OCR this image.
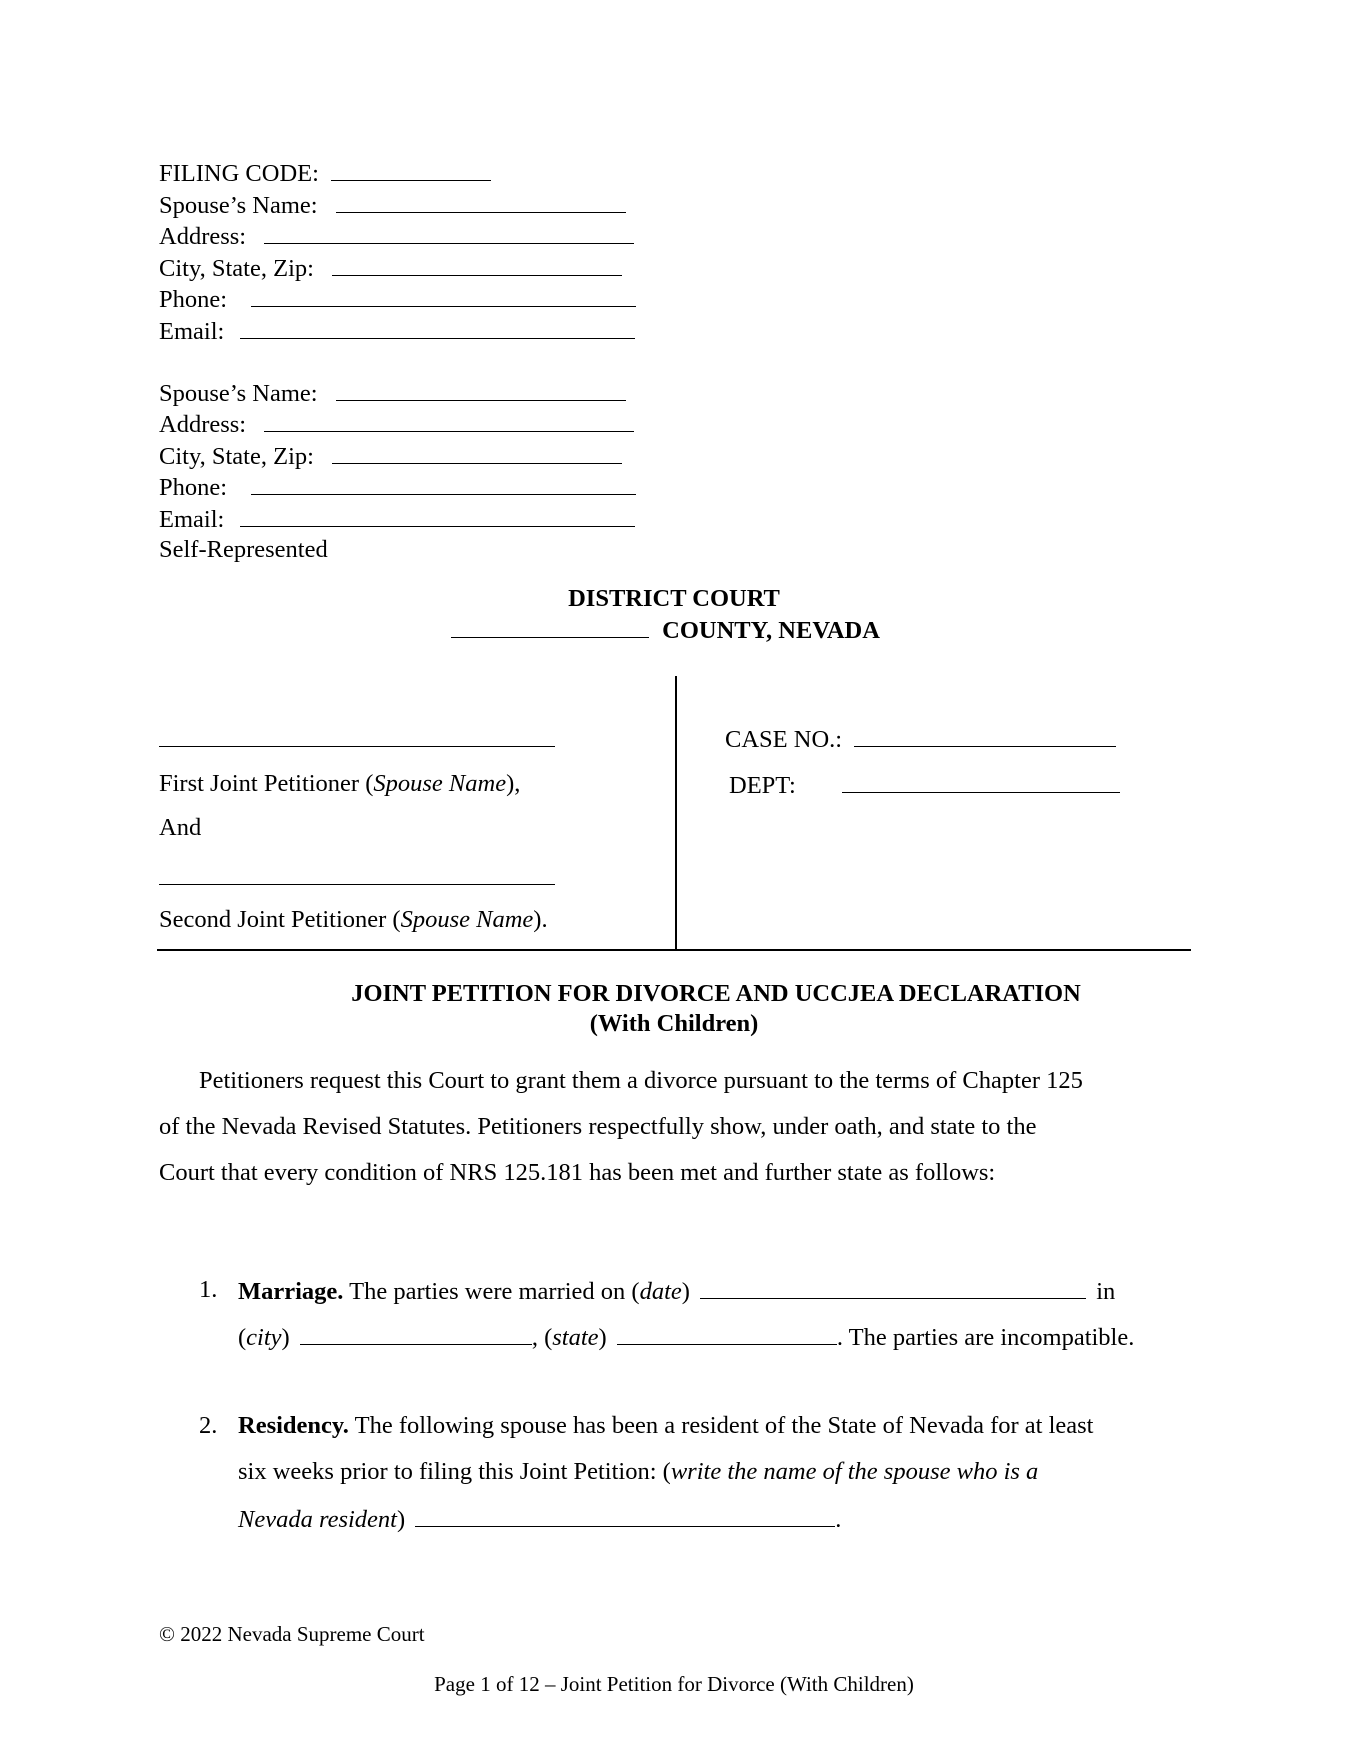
FILING CODE:
Spouse’s Name:
Address:
City, State, Zip:
Phone:
Email:
Spouse’s Name:
Address:
City, State, Zip:
Phone:
Email:
Self-Represented
DISTRICT COURT
COUNTY, NEVADA
First Joint Petitioner (Spouse Name),
And
Second Joint Petitioner (Spouse Name).
CASE NO.:
DEPT:
JOINT PETITION FOR DIVORCE AND UCCJEA DECLARATION
(With Children)
Petitioners request this Court to grant them a divorce pursuant to the terms of Chapter 125
of the Nevada Revised Statutes. Petitioners respectfully show, under oath, and state to the
Court that every condition of NRS 125.181 has been met and further state as follows:
1. Marriage. The parties were married on (date)	in
(city)	, (state)	. The parties are incompatible.
2. Residency. The following spouse has been a resident of the State of Nevada for at least
six weeks prior to filing this Joint Petition: (write the name of the spouse who is a
Nevada resident)	.
© 2022 Nevada Supreme Court
Page 1 of 12 – Joint Petition for Divorce (With Children)
